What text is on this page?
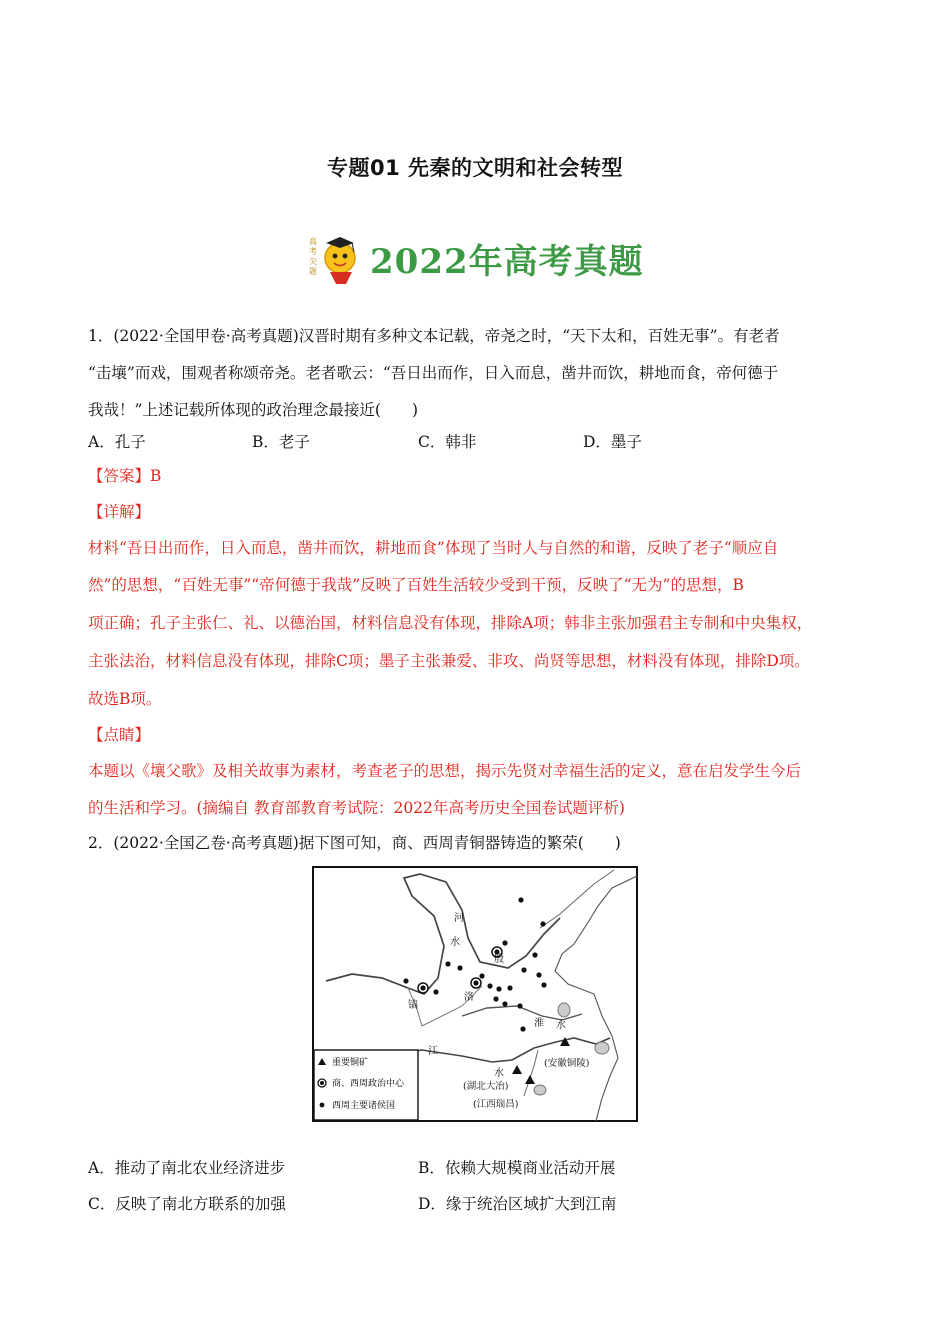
专题01 先秦的文明和社会转型
高
考
尖
题 2022年高考真题
1．(2022·全国甲卷·高考真题)汉晋时期有多种文本记载，帝尧之时，“天下太和，百姓无事”。有老者
“击壤”而戏，围观者称颂帝尧。老者歌云：“吾日出而作，日入而息，凿井而饮，耕地而食，帝何德于
我哉！”上述记载所体现的政治理念最接近(　　)
A．孔子	B．老子	C．韩非	D．墨子
【答案】B
【详解】
材料“吾日出而作，日入而息，凿井而饮，耕地而食”体现了当时人与自然的和谐，反映了老子“顺应自
然”的思想，“百姓无事”“帝何德于我哉”反映了百姓生活较少受到干预，反映了“无为”的思想，B
项正确；孔子主张仁、礼、以德治国，材料信息没有体现，排除A项；韩非主张加强君主专制和中央集权，
主张法治，材料信息没有体现，排除C项；墨子主张兼爱、非攻、尚贤等思想，材料没有体现，排除D项。
故选B项。
【点睛】
本题以《壤父歌》及相关故事为素材，考查老子的思想，揭示先贤对幸福生活的定义，意在启发学生今后
的生活和学习。(摘编自 教育部教育考试院：2022年高考历史全国卷试题评析)
2．(2022·全国乙卷·高考真题)据下图可知，商、西周青铜器铸造的繁荣(　　)
河
水
殷
镐
洛
淮 水
江
水
(安徽铜陵)
(湖北大冶)
(江西瑞昌)
重要铜矿
商、西周政治中心
西周主要诸侯国
A．推动了南北农业经济进步	B．依赖大规模商业活动开展
C．反映了南北方联系的加强	D．缘于统治区域扩大到江南
